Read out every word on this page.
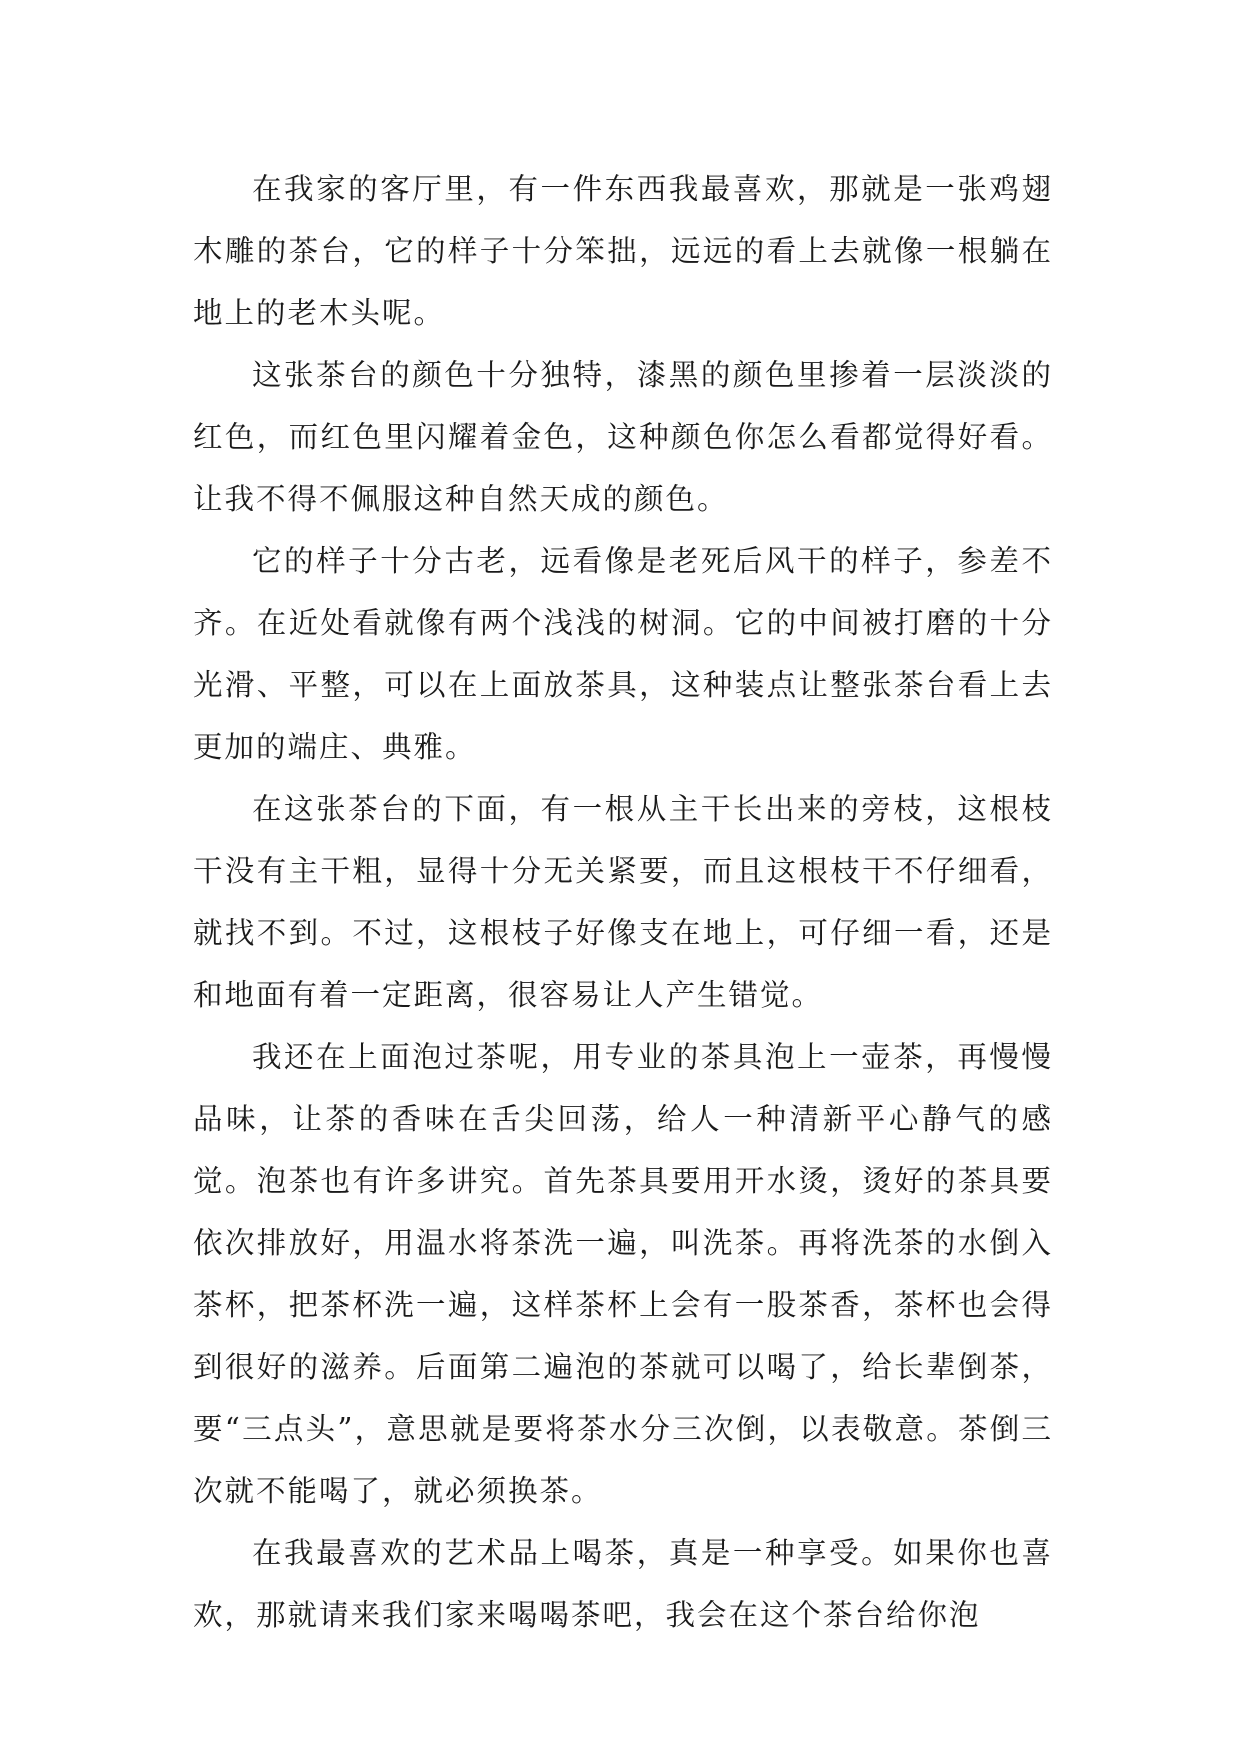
在我家的客厅里，有一件东西我最喜欢，那就是一张鸡翅木雕的茶台，它的样子十分笨拙，远远的看上去就像一根躺在地上的老木头呢。

这张茶台的颜色十分独特，漆黑的颜色里掺着一层淡淡的红色，而红色里闪耀着金色，这种颜色你怎么看都觉得好看。让我不得不佩服这种自然天成的颜色。

它的样子十分古老，远看像是老死后风干的样子，参差不齐。在近处看就像有两个浅浅的树洞。它的中间被打磨的十分光滑、平整，可以在上面放茶具，这种装点让整张茶台看上去更加的端庄、典雅。

在这张茶台的下面，有一根从主干长出来的旁枝，这根枝干没有主干粗，显得十分无关紧要，而且这根枝干不仔细看，就找不到。不过，这根枝子好像支在地上，可仔细一看，还是和地面有着一定距离，很容易让人产生错觉。

我还在上面泡过茶呢，用专业的茶具泡上一壶茶，再慢慢品味，让茶的香味在舌尖回荡，给人一种清新平心静气的感觉。泡茶也有许多讲究。首先茶具要用开水烫，烫好的茶具要依次排放好，用温水将茶洗一遍，叫洗茶。再将洗茶的水倒入茶杯，把茶杯洗一遍，这样茶杯上会有一股茶香，茶杯也会得到很好的滋养。后面第二遍泡的茶就可以喝了，给长辈倒茶，要“三点头”，意思就是要将茶水分三次倒，以表敬意。茶倒三次就不能喝了，就必须换茶。

在我最喜欢的艺术品上喝茶，真是一种享受。如果你也喜欢，那就请来我们家来喝喝茶吧，我会在这个茶台给你泡
